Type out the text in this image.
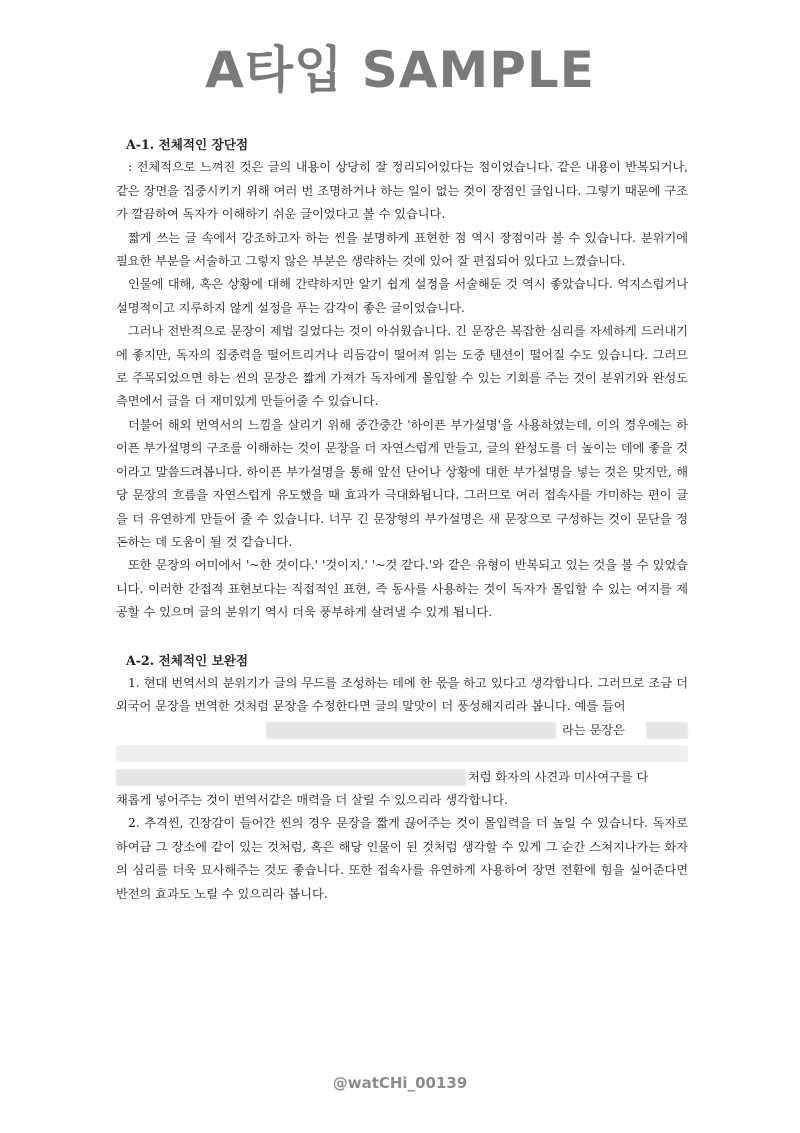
A타입 SAMPLE
A-1. 전체적인 장단점

: 전체적으로 느껴진 것은 글의 내용이 상당히 잘 정리되어있다는 점이었습니다. 같은 내용이 반복되거나, 같은 장면을 집중시키기 위해 여러 번 조명하거나 하는 일이 없는 것이 장점인 글입니다. 그렇기 때문에 구조가 깔끔하여 독자가 이해하기 쉬운 글이었다고 볼 수 있습니다.

짧게 쓰는 글 속에서 강조하고자 하는 씬을 분명하게 표현한 점 역시 장점이라 볼 수 있습니다. 분위기에 필요한 부분을 서술하고 그렇지 않은 부분은 생략하는 것에 있어 잘 편집되어 있다고 느꼈습니다.

인물에 대해, 혹은 상황에 대해 간략하지만 알기 쉽게 설정을 서술해둔 것 역시 좋았습니다. 억지스럽거나 설명적이고 지루하지 않게 설정을 푸는 감각이 좋은 글이었습니다.

그러나 전반적으로 문장이 제법 길었다는 것이 아쉬웠습니다. 긴 문장은 복잡한 심리를 자세하게 드러내기에 좋지만, 독자의 집중력을 떨어트리거나 리듬감이 떨어져 읽는 도중 텐션이 떨어질 수도 있습니다. 그러므로 주목되었으면 하는 씬의 문장은 짧게 가져가 독자에게 몰입할 수 있는 기회를 주는 것이 분위기와 완성도 측면에서 글을 더 재미있게 만들어줄 수 있습니다.

더불어 해외 번역서의 느낌을 살리기 위해 중간중간 '하이픈 부가설명'을 사용하였는데, 이의 경우에는 하이픈 부가설명의 구조를 이해하는 것이 문장을 더 자연스럽게 만들고, 글의 완성도를 더 높이는 데에 좋을 것이라고 말씀드려봅니다. 하이픈 부가설명을 통해 앞선 단어나 상황에 대한 부가설명을 넣는 것은 맞지만, 해당 문장의 흐름을 자연스럽게 유도했을 때 효과가 극대화됩니다. 그러므로 여러 접속사를 가미하는 편이 글을 더 유연하게 만들어 줄 수 있습니다. 너무 긴 문장형의 부가설명은 새 문장으로 구성하는 것이 문단을 정돈하는 데 도움이 될 것 같습니다.

또한 문장의 어미에서 '~한 것이다.' '것이지.' '~것 같다.'와 같은 유형이 반복되고 있는 것을 볼 수 있었습니다. 이러한 간접적 표현보다는 직접적인 표현, 즉 동사를 사용하는 것이 독자가 몰입할 수 있는 여지를 제공할 수 있으며 글의 분위기 역시 더욱 풍부하게 살려낼 수 있게 됩니다.

A-2. 전체적인 보완점

1. 현대 번역서의 분위기가 글의 무드를 조성하는 데에 한 몫을 하고 있다고 생각합니다. 그러므로 조금 더 외국어 문장을 번역한 것처럼 문장을 수정한다면 글의 말맛이 더 풍성해지리라 봅니다. 예를 들어

라는 문장은
처럼 화자의 사견과 미사여구를 다

채롭게 넣어주는 것이 번역서같은 매력을 더 살릴 수 있으리라 생각합니다.

2. 추격씬, 긴장감이 들어간 씬의 경우 문장을 짧게 끊어주는 것이 몰입력을 더 높일 수 있습니다. 독자로 하여금 그 장소에 같이 있는 것처럼, 혹은 해당 인물이 된 것처럼 생각할 수 있게 그 순간 스쳐지나가는 화자의 심리를 더욱 묘사해주는 것도 좋습니다. 또한 접속사를 유연하게 사용하여 장면 전환에 힘을 실어준다면 반전의 효과도 노릴 수 있으리라 봅니다.

@watCHi_00139
